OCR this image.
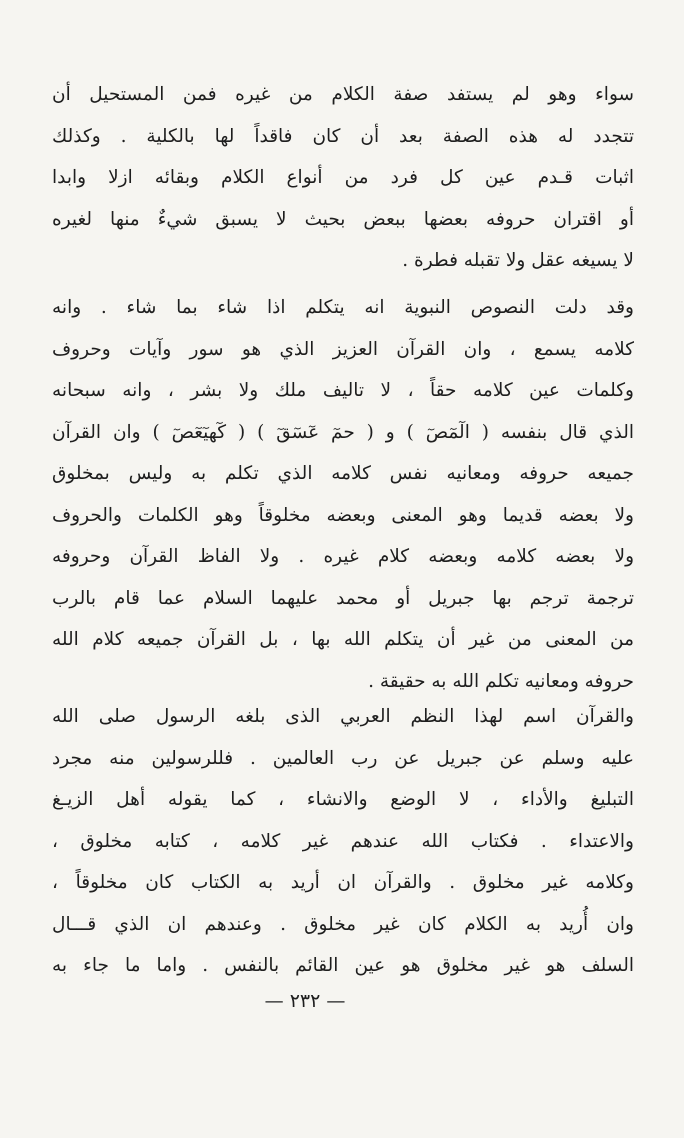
سواء وهو لم يستفد صفة الكلام من غيره فمن المستحيل أن
تتجدد له هذه الصفة بعد أن كان فاقداً لها بالكلية . وكذلك
اثبات قـدم عين كل فرد من أنواع الكلام وبقائه ازلا وابدا
أو اقتران حروفه بعضها ببعض بحيث لا يسبق شيءٌ منها لغيره
لا يسيغه عقل ولا تقبله فطرة .
وقد دلت النصوص النبوية انه يتكلم اذا شاء بما شاء . وانه
كلامه يسمع ، وان القرآن العزيز الذي هو سور وآيات وحروف
وكلمات عين كلامه حقاً ، لا تاليف ملك ولا بشر ، وانه سبحانه
الذي قال بنفسه ( الٓمٓصٓ ) و ( حمٓ عٓسٓقٓ ) ( كٓهيٓعٓصٓ ) وان القرآن
جميعه حروفه ومعانيه نفس كلامه الذي تكلم به وليس بمخلوق
ولا بعضه قديما وهو المعنى وبعضه مخلوقاً وهو الكلمات والحروف
ولا بعضه كلامه وبعضه كلام غيره . ولا الفاظ القرآن وحروفه
ترجمة ترجم بها جبريل أو محمد عليهما السلام عما قام بالرب
من المعنى من غير أن يتكلم الله بها ، بل القرآن جميعه كلام الله
حروفه ومعانيه تكلم الله به حقيقة .
والقرآن اسم لهذا النظم العربي الذى بلغه الرسول صلى الله
عليه وسلم عن جبريل عن رب العالمين . فللرسولين منه مجرد
التبليغ والأداء ، لا الوضع والانشاء ، كما يقوله أهل الزيـغ
والاعتداء . فكتاب الله عندهم غير كلامه ، كتابه مخلوق ،
وكلامه غير مخلوق . والقرآن ان أريد به الكتاب كان مخلوقاً ،
وان أُريد به الكلام كان غير مخلوق . وعندهم ان الذي قـــال
السلف هو غير مخلوق هو عين القائم بالنفس . واما ما جاء به
— ٢٣٢ —
